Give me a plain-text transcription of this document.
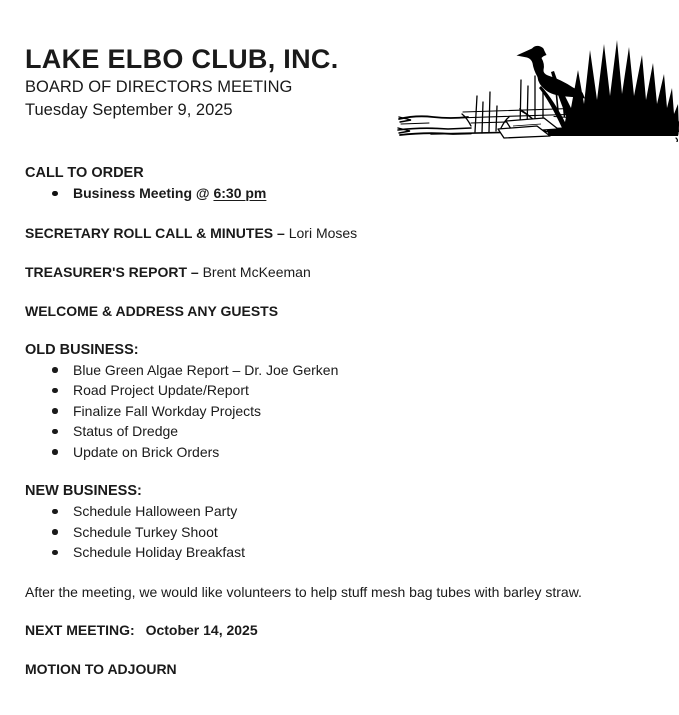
LAKE ELBO CLUB, INC.
BOARD OF DIRECTORS MEETING
Tuesday September 9, 2025
CALL TO ORDER
Business Meeting @ 6:30 pm

SECRETARY ROLL CALL & MINUTES – Lori Moses

TREASURER'S REPORT – Brent McKeeman

WELCOME & ADDRESS ANY GUESTS

OLD BUSINESS:
Blue Green Algae Report – Dr. Joe Gerken
Road Project Update/Report
Finalize Fall Workday Projects
Status of Dredge
Update on Brick Orders
NEW BUSINESS:
Schedule Halloween Party
Schedule Turkey Shoot
Schedule Holiday Breakfast

After the meeting, we would like volunteers to help stuff mesh bag tubes with barley straw.

NEXT MEETING: October 14, 2025

MOTION TO ADJOURN
